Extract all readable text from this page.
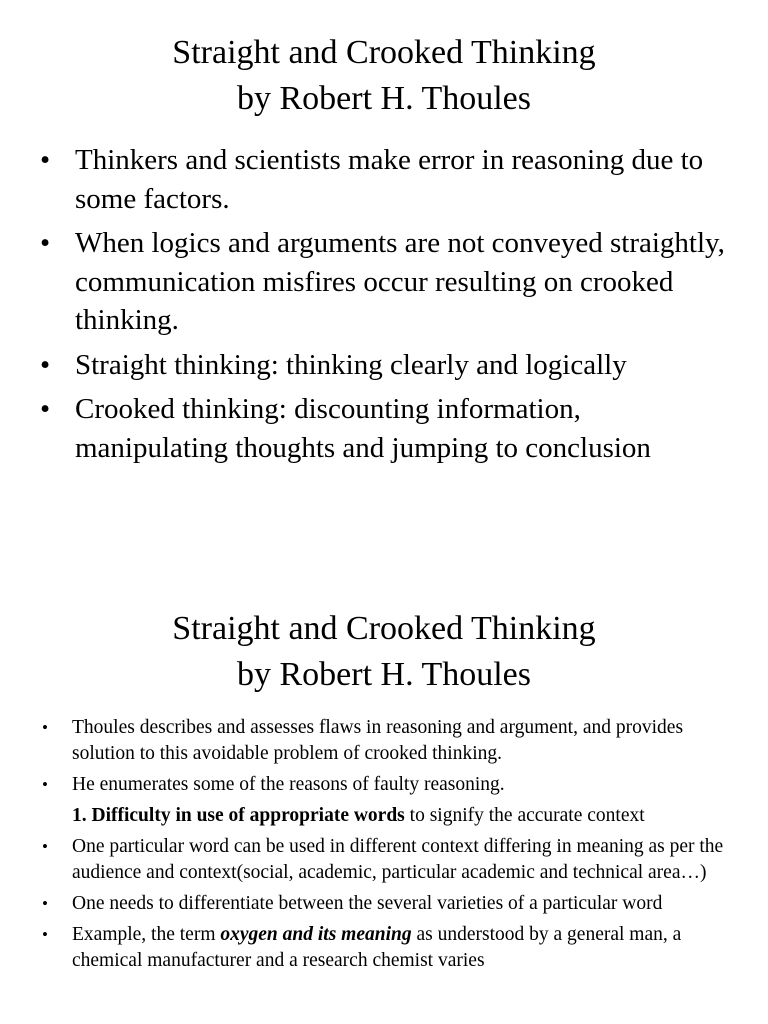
Straight and Crooked Thinking
by Robert H. Thoules
• Thinkers and scientists make error in reasoning due to some factors.
• When logics and arguments are not conveyed straightly, communication misfires occur resulting on crooked thinking.
• Straight thinking: thinking clearly and logically
• Crooked thinking: discounting information, manipulating thoughts and jumping to conclusion
Straight and Crooked Thinking
by Robert H. Thoules
• Thoules describes and assesses flaws in reasoning and argument, and provides solution to this avoidable problem of crooked thinking.
• He enumerates some of the reasons of faulty reasoning.
1. Difficulty in use of appropriate words to signify the accurate context
• One particular word can be used in different context differing in meaning as per the audience and context(social, academic, particular academic and technical area…)
• One needs to differentiate between the several varieties of a particular word
• Example, the term oxygen and its meaning as understood by a general man, a chemical manufacturer and a research chemist varies
